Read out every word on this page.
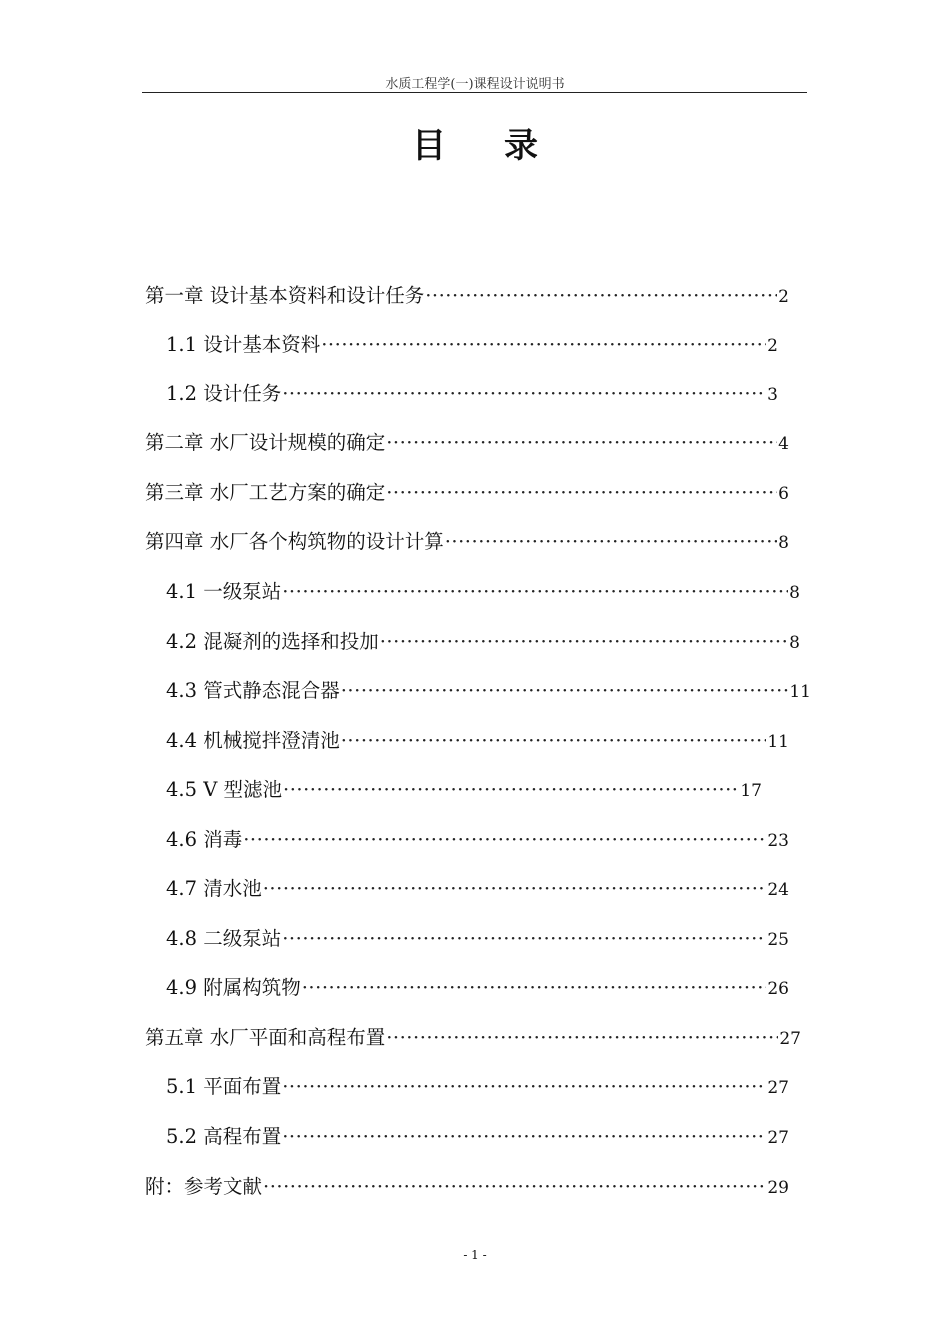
水质工程学(一)课程设计说明书
目 录
第一章 设计基本资料和设计任务 ·····	2
1.1 设计基本资料 ·····	2
1.2 设计任务 ·····	3
第二章 水厂设计规模的确定 ·····	4
第三章 水厂工艺方案的确定 ·····	6
第四章 水厂各个构筑物的设计计算 ·····	8
4.1 一级泵站 ·····	8
4.2 混凝剂的选择和投加 ·····	8
4.3 管式静态混合器 ·····	11
4.4 机械搅拌澄清池 ·····	11
4.5 V 型滤池 ·····	17
4.6 消毒 ·····	23
4.7 清水池 ·····	24
4.8 二级泵站 ·····	25
4.9 附属构筑物 ·····	26
第五章 水厂平面和高程布置 ·····	27
5.1 平面布置 ·····	27
5.2 高程布置 ·····	27
附：参考文献 ·····	29
- 1 -
